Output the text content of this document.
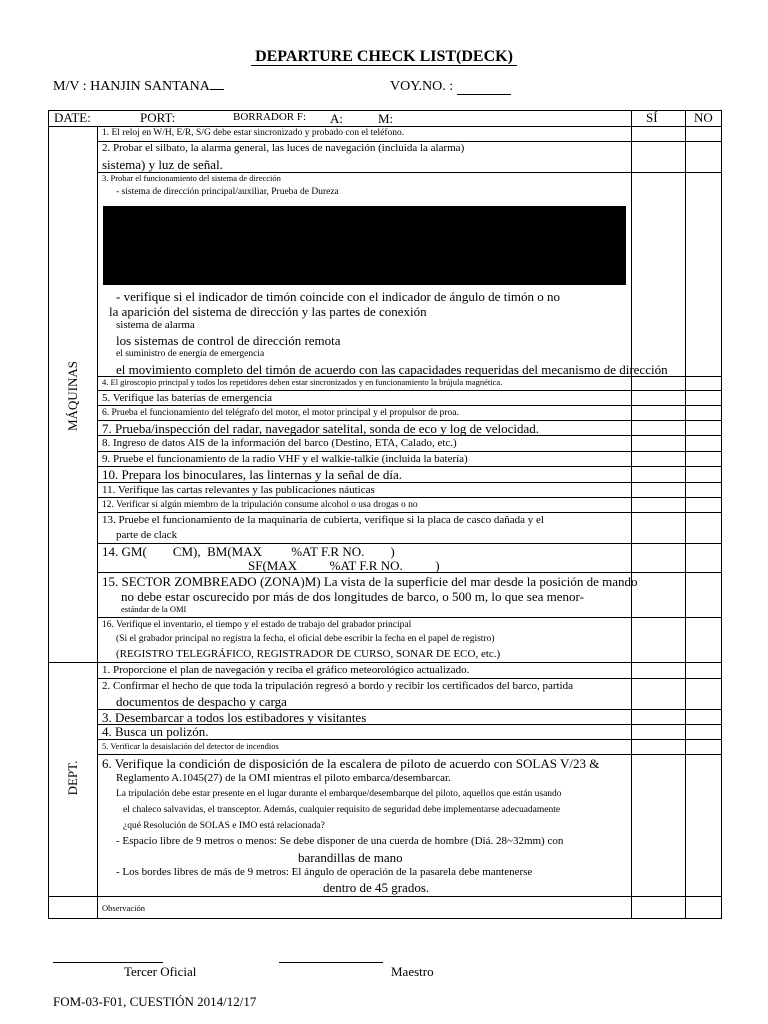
DEPARTURE CHECK LIST(DECK)
M/V : HANJIN SANTANA	VOY.NO. :
DATE:	PORT:	BORRADOR F: A:	M:	SÍ	NO
MÁQUINAS
DEPT.
1. El reloj en W/H, E/R, S/G debe estar sincronizado y probado con el teléfono.
2. Probar el silbato, la alarma general, las luces de navegación (incluida la alarma)
sistema) y luz de señal.
3. Probar el funcionamiento del sistema de dirección
- sistema de dirección principal/auxiliar, Prueba de Dureza
- verifique si el indicador de timón coincide con el indicador de ángulo de timón o no
la aparición del sistema de dirección y las partes de conexión
sistema de alarma
los sistemas de control de dirección remota
el suministro de energía de emergencia
el movimiento completo del timón de acuerdo con las capacidades requeridas del mecanismo de dirección
4. El giroscopio principal y todos los repetidores deben estar sincronizados y en funcionamiento la brújula magnética.
5. Verifique las baterías de emergencia
6. Prueba el funcionamiento del telégrafo del motor, el motor principal y el propulsor de proa.
7. Prueba/inspección del radar, navegador satelital, sonda de eco y log de velocidad.
8. Ingreso de datos AIS de la información del barco (Destino, ETA, Calado, etc.)
9. Pruebe el funcionamiento de la radio VHF y el walkie-talkie (incluida la batería)
10. Prepara los binoculares, las linternas y la señal de día.
11. Verifique las cartas relevantes y las publicaciones náuticas
12. Verificar si algún miembro de la tripulación consume alcohol o usa drogas o no
13. Pruebe el funcionamiento de la maquinaria de cubierta, verifique si la placa de casco dañada y el
parte de clack
14. GM(        CM),  BM(MAX         %AT F.R NO.        )
SF(MAX          %AT F.R NO.          )
15. SECTOR ZOMBREADO (ZONA)M) La vista de la superficie del mar desde la posición de mando
no debe estar oscurecido por más de dos longitudes de barco, o 500 m, lo que sea menor-
estándar de la OMI
16. Verifique el inventario, el tiempo y el estado de trabajo del grabador principal
(Si el grabador principal no registra la fecha, el oficial debe escribir la fecha en el papel de registro)
(REGISTRO TELEGRÁFICO, REGISTRADOR DE CURSO, SONAR DE ECO, etc.)
1. Proporcione el plan de navegación y reciba el gráfico meteorológico actualizado.
2. Confirmar el hecho de que toda la tripulación regresó a bordo y recibir los certificados del barco, partida
documentos de despacho y carga
3. Desembarcar a todos los estibadores y visitantes
4. Busca un polizón.
5. Verificar la desaislación del detector de incendios
6. Verifique la condición de disposición de la escalera de piloto de acuerdo con SOLAS V/23 &
Reglamento A.1045(27) de la OMI mientras el piloto embarca/desembarcar.
La tripulación debe estar presente en el lugar durante el embarque/desembarque del piloto, aquellos que están usando
el chaleco salvavidas, el transceptor. Además, cualquier requisito de seguridad debe implementarse adecuadamente
¿qué Resolución de SOLAS e IMO está relacionada?
- Espacio libre de 9 metros o menos: Se debe disponer de una cuerda de hombre (Diá. 28~32mm) con
barandillas de mano
- Los bordes libres de más de 9 metros: El ángulo de operación de la pasarela debe mantenerse
dentro de 45 grados.
Observación
Tercer Oficial	Maestro
FOM-03-F01, CUESTIÓN 2014/12/17
